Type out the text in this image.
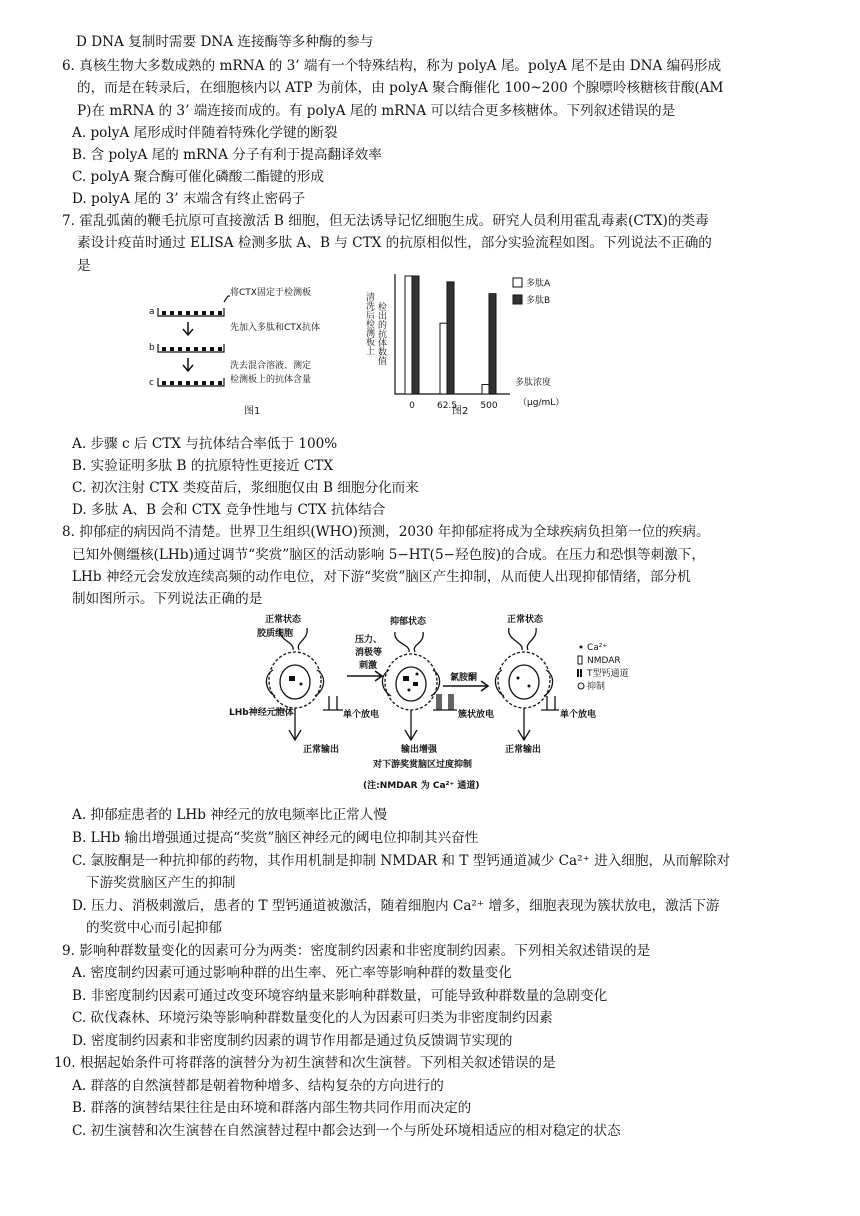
D DNA 复制时需要 DNA 连接酶等多种酶的参与
6. 真核生物大多数成熟的 mRNA 的 3’ 端有一个特殊结构，称为 polyA 尾。polyA 尾不是由 DNA 编码形成
的，而是在转录后，在细胞核内以 ATP 为前体，由 polyA 聚合酶催化 100~200 个腺嘌呤核糖核苷酸(AM
P)在 mRNA 的 3’ 端连接而成的。有 polyA 尾的 mRNA 可以结合更多核糖体。下列叙述错误的是
A. polyA 尾形成时伴随着特殊化学键的断裂
B. 含 polyA 尾的 mRNA 分子有利于提高翻译效率
C. polyA 聚合酶可催化磷酸二酯键的形成
D. polyA 尾的 3’ 末端含有终止密码子
7. 霍乱弧菌的鞭毛抗原可直接激活 B 细胞，但无法诱导记忆细胞生成。研究人员利用霍乱毒素(CTX)的类毒
素设计疫苗时通过 ELISA 检测多肽 A、B 与 CTX 的抗原相似性，部分实验流程如图。下列说法不正确的
是
a
b
c
将CTX固定于检测板
先加入多肽和CTX抗体
洗去混合溶液、测定
检测板上的抗体含量
图1
清洗后检测板上 检出的抗体数值
多肽A
多肽B
多肽浓度
（μg/mL）
图2
0 62.5	500
A. 步骤 c 后 CTX 与抗体结合率低于 100%
B. 实验证明多肽 B 的抗原特性更接近 CTX
C. 初次注射 CTX 类疫苗后，浆细胞仅由 B 细胞分化而来
D. 多肽 A、B 会和 CTX 竞争性地与 CTX 抗体结合
8. 抑郁症的病因尚不清楚。世界卫生组织(WHO)预测，2030 年抑郁症将成为全球疾病负担第一位的疾病。
已知外侧缰核(LHb)通过调节“奖赏”脑区的活动影响 5−HT(5−羟色胺)的合成。在压力和恐惧等刺激下，
LHb 神经元会发放连续高频的动作电位，对下游“奖赏”脑区产生抑制，从而使人出现抑郁情绪，部分机
制如图所示。下列说法正确的是
正常状态	抑郁状态	正常状态
胶质细胞
压力、
消极等
刺激
氯胺酮
LHb神经元胞体	单个放电	簇状放电	单个放电
正常输出	输出增强	正常输出
对下游奖赏脑区过度抑制
(注:NMDAR 为 Ca²⁺ 通道)
Ca²⁺
NMDAR
T型钙通道
抑制
A. 抑郁症患者的 LHb 神经元的放电频率比正常人慢
B. LHb 输出增强通过提高“奖赏”脑区神经元的阈电位抑制其兴奋性
C. 氯胺酮是一种抗抑郁的药物，其作用机制是抑制 NMDAR 和 T 型钙通道减少 Ca²⁺ 进入细胞，从而解除对
下游奖赏脑区产生的抑制
D. 压力、消极刺激后，患者的 T 型钙通道被激活，随着细胞内 Ca²⁺ 增多，细胞表现为簇状放电，激活下游
的奖赏中心而引起抑郁
9. 影响种群数量变化的因素可分为两类：密度制约因素和非密度制约因素。下列相关叙述错误的是
A. 密度制约因素可通过影响种群的出生率、死亡率等影响种群的数量变化
B. 非密度制约因素可通过改变环境容纳量来影响种群数量，可能导致种群数量的急剧变化
C. 砍伐森林、环境污染等影响种群数量变化的人为因素可归类为非密度制约因素
D. 密度制约因素和非密度制约因素的调节作用都是通过负反馈调节实现的
10. 根据起始条件可将群落的演替分为初生演替和次生演替。下列相关叙述错误的是
A. 群落的自然演替都是朝着物种增多、结构复杂的方向进行的
B. 群落的演替结果往往是由环境和群落内部生物共同作用而决定的
C. 初生演替和次生演替在自然演替过程中都会达到一个与所处环境相适应的相对稳定的状态
